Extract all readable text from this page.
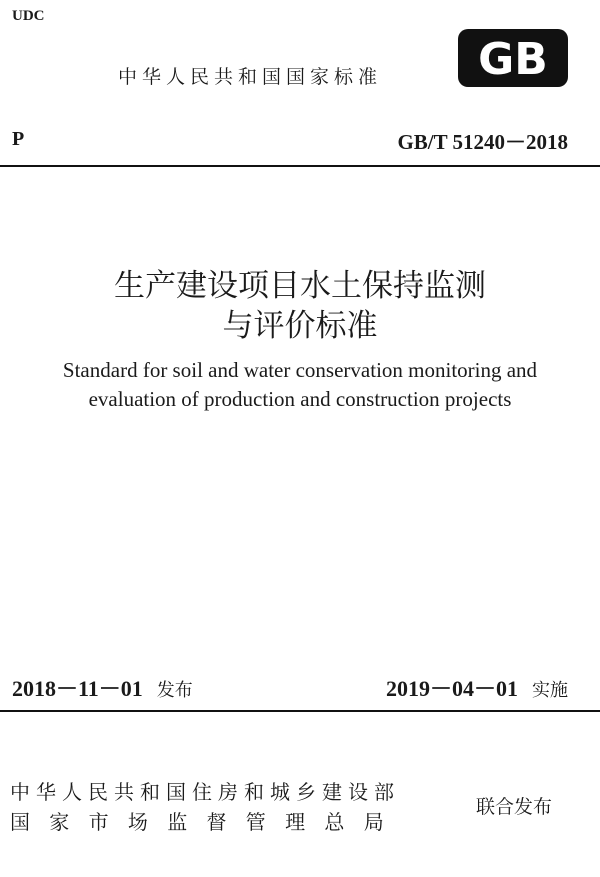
UDC
中华人民共和国国家标准 GB
P	GB/T 51240－2018
生产建设项目水土保持监测
与评价标准
Standard for soil and water conservation monitoring and
evaluation of production and construction projects
2018－11－01 发布	2019－04－01 实施
中华人民共和国住房和城乡建设部
国家市场监督管理总局
联合发布
